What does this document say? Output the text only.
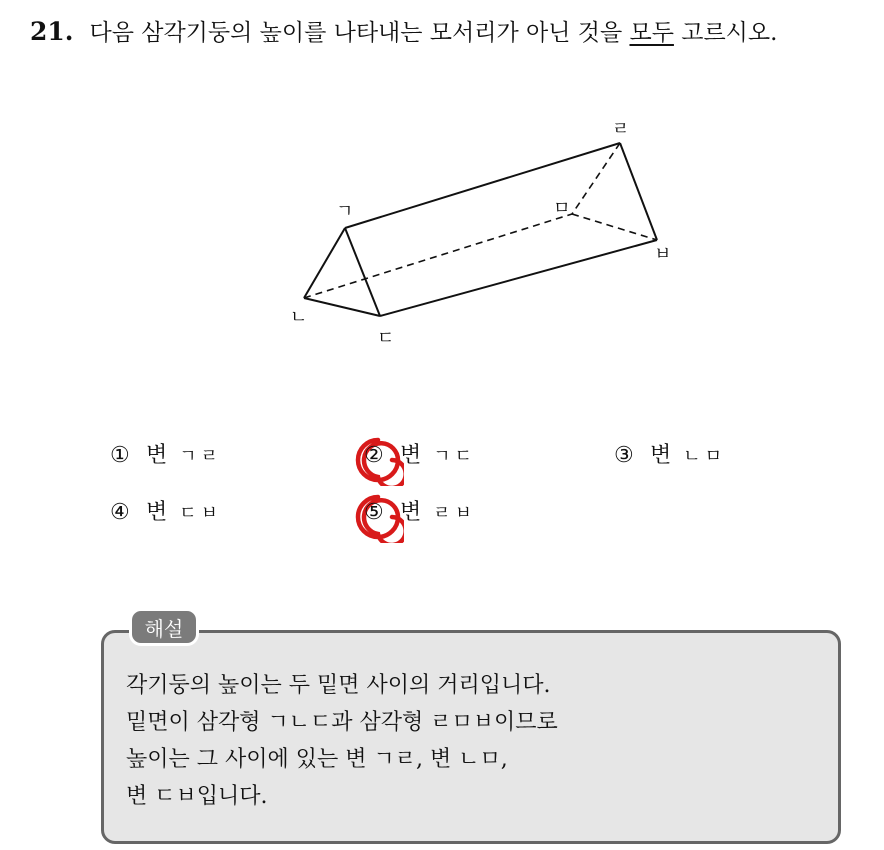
21. 다음 삼각기둥의 높이를 나타내는 모서리가 아닌 것을 모두 고르시오.
ㄱ
ㄴ
ㄷ
ㄹ
ㅁ
ㅂ
① 변 ㄱㄹ	② 변 ㄱㄷ	③ 변 ㄴㅁ
④ 변 ㄷㅂ	⑤ 변 ㄹㅂ
해설
각기둥의 높이는 두 밑면 사이의 거리입니다.
밑면이 삼각형 ㄱㄴㄷ과 삼각형 ㄹㅁㅂ이므로
높이는 그 사이에 있는 변 ㄱㄹ, 변 ㄴㅁ,
변 ㄷㅂ입니다.
